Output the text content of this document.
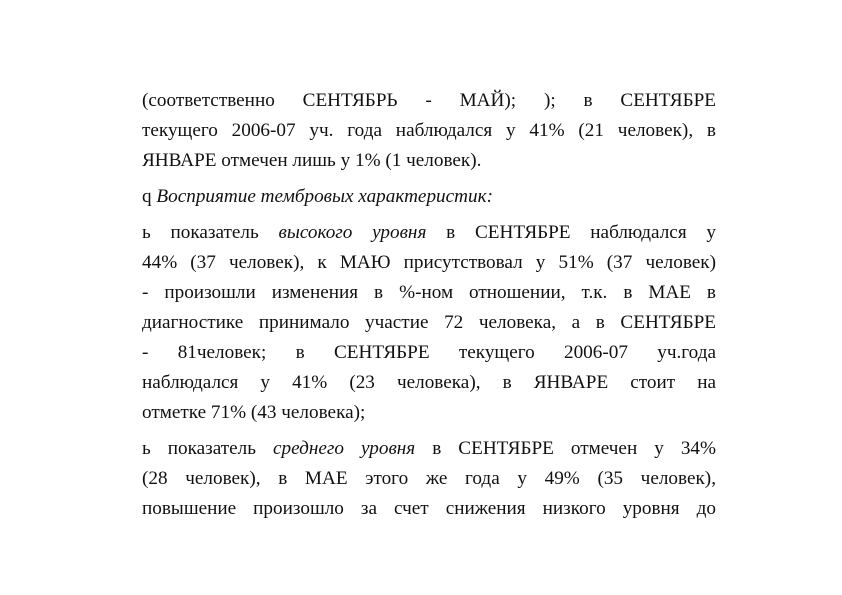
(соответственно СЕНТЯБРЬ - МАЙ); ); в СЕНТЯБРЕ
текущего 2006-07 уч. года наблюдался у 41% (21 человек), в
ЯНВАРЕ отмечен лишь у 1% (1 человек).
q Восприятие тембровых характеристик:
ь показатель высокого уровня в СЕНТЯБРЕ наблюдался у
44% (37 человек), к МАЮ присутствовал у 51% (37 человек)
- произошли изменения в %-ном отношении, т.к. в МАЕ в
диагностике принимало участие 72 человека, а в СЕНТЯБРЕ
- 81человек; в СЕНТЯБРЕ текущего 2006-07 уч.года
наблюдался у 41% (23 человека), в ЯНВАРЕ стоит на
отметке 71% (43 человека);
ь показатель среднего уровня в СЕНТЯБРЕ отмечен у 34%
(28 человек), в МАЕ этого же года у 49% (35 человек),
повышение произошло за счет снижения низкого уровня до
